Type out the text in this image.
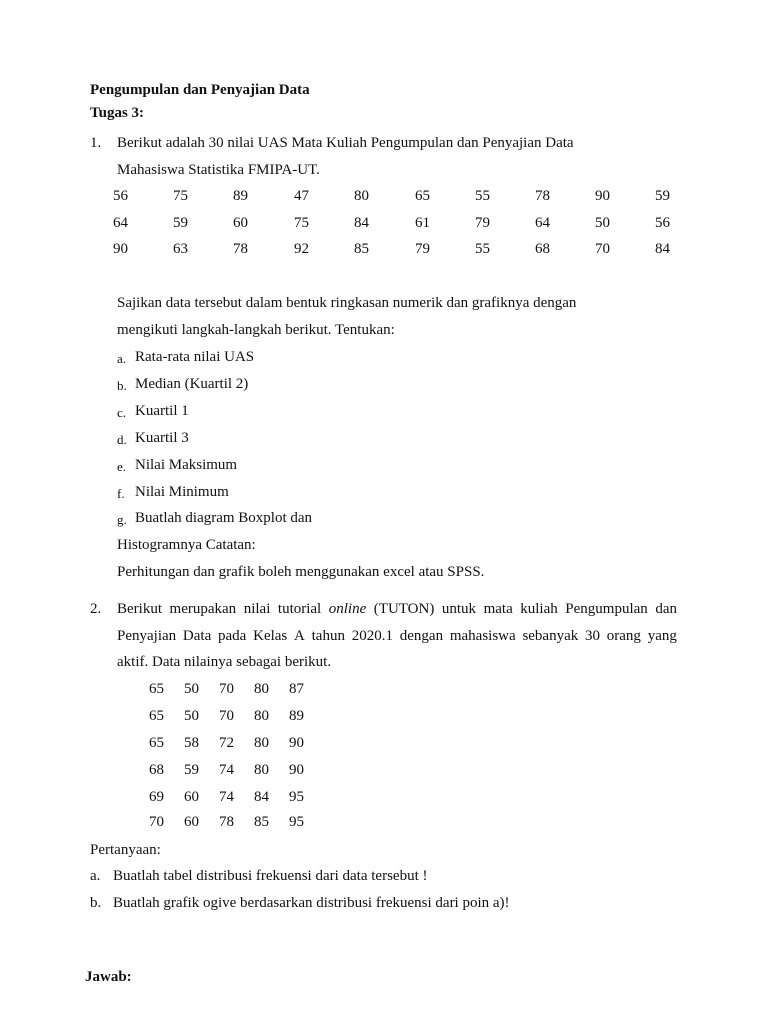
Pengumpulan dan Penyajian Data
Tugas 3:
1. Berikut adalah 30 nilai UAS Mata Kuliah Pengumpulan dan Penyajian Data
Mahasiswa Statistika FMIPA-UT.
56	75	89	47	80	65	55	78	90	59
64	59	60	75	84	61	79	64	50	56
90	63	78	92	85	79	55	68	70	84
Sajikan data tersebut dalam bentuk ringkasan numerik dan grafiknya dengan
mengikuti langkah-langkah berikut. Tentukan:
a. Rata-rata nilai UAS
b. Median (Kuartil 2)
c. Kuartil 1
d. Kuartil 3
e. Nilai Maksimum
f. Nilai Minimum
g. Buatlah diagram Boxplot dan
Histogramnya Catatan:
Perhitungan dan grafik boleh menggunakan excel atau SPSS.
2. Berikut merupakan nilai tutorial online (TUTON) untuk mata kuliah Pengumpulan dan
Penyajian Data pada Kelas A tahun 2020.1 dengan mahasiswa sebanyak 30 orang yang
aktif. Data nilainya sebagai berikut.
65 50 70 80 87
65 50 70 80 89
65 58 72 80 90
68 59 74 80 90
69 60 74 84 95
70 60 78 85 95
Pertanyaan:
a. Buatlah tabel distribusi frekuensi dari data tersebut !
b. Buatlah grafik ogive berdasarkan distribusi frekuensi dari poin a)!
Jawab:
